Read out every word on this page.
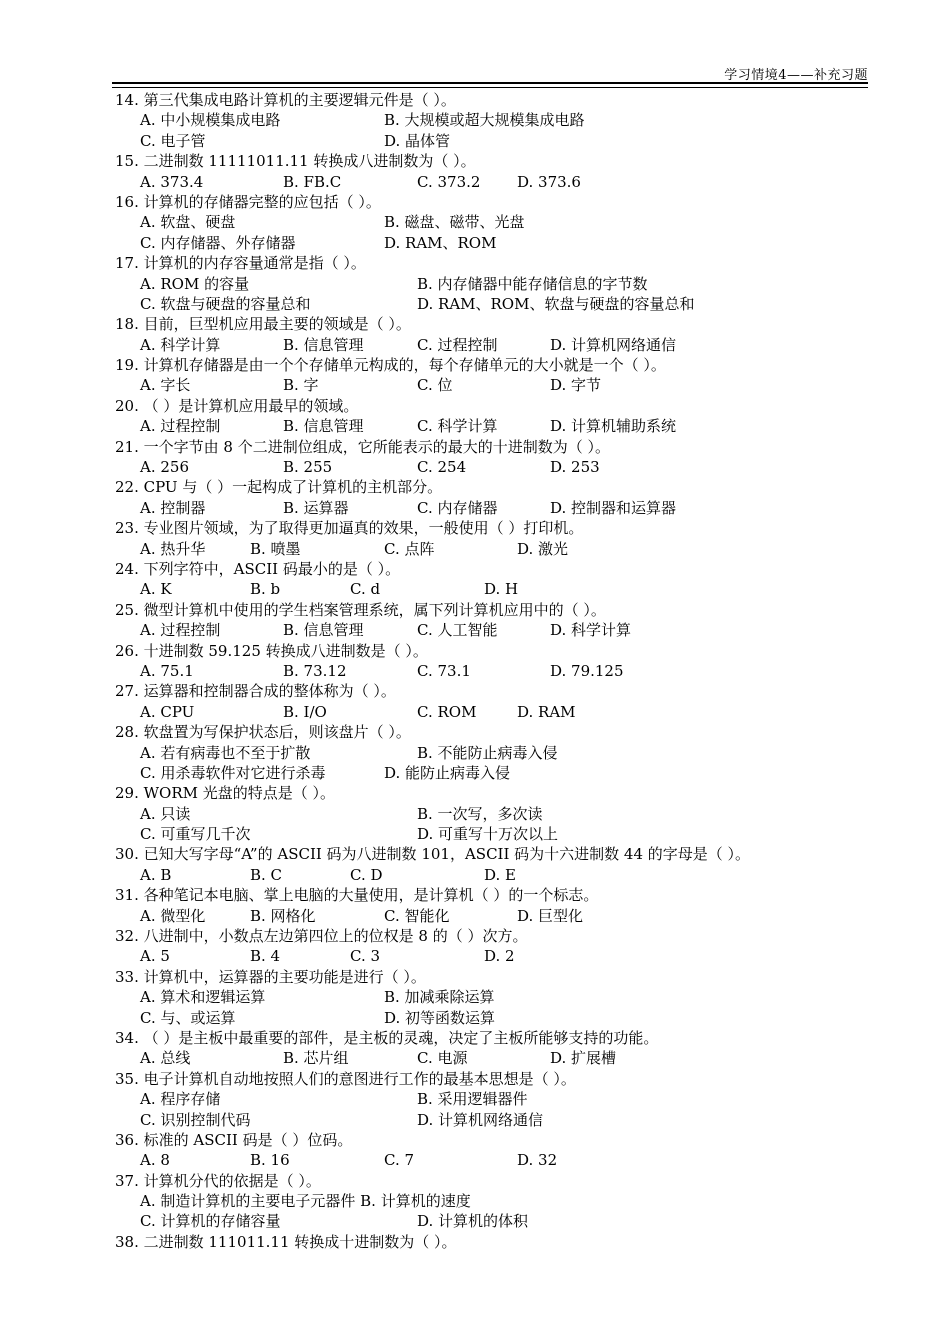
学习情境4——补充习题
14. 第三代集成电路计算机的主要逻辑元件是（ ）。
A. 中小规模集成电路	B. 大规模或超大规模集成电路
C. 电子管	D. 晶体管
15. 二进制数 11111011.11 转换成八进制数为（ ）。
A. 373.4	B. FB.C	C. 373.2 D. 373.6
16. 计算机的存储器完整的应包括（ ）。
A. 软盘、硬盘	B. 磁盘、磁带、光盘
C. 内存储器、外存储器	D. RAM、ROM
17. 计算机的内存容量通常是指（ ）。
A. ROM 的容量	B. 内存储器中能存储信息的字节数
C. 软盘与硬盘的容量总和	D. RAM、ROM、软盘与硬盘的容量总和
18. 目前，巨型机应用最主要的领域是（ ）。
A. 科学计算	B. 信息管理	C. 过程控制	D. 计算机网络通信
19. 计算机存储器是由一个个存储单元构成的，每个存储单元的大小就是一个（ ）。
A. 字长	B. 字	C. 位	D. 字节
20. （ ）是计算机应用最早的领域。
A. 过程控制	B. 信息管理	C. 科学计算	D. 计算机辅助系统
21. 一个字节由 8 个二进制位组成，它所能表示的最大的十进制数为（ ）。
A. 256	B. 255	C. 254	D. 253
22. CPU 与（ ）一起构成了计算机的主机部分。
A. 控制器	B. 运算器	C. 内存储器	D. 控制器和运算器
23. 专业图片领域，为了取得更加逼真的效果，一般使用（ ）打印机。
A. 热升华	B. 喷墨	C. 点阵	D. 激光
24. 下列字符中，ASCII 码最小的是（ ）。
A. K	B. b	C. d	D. H
25. 微型计算机中使用的学生档案管理系统，属下列计算机应用中的（ ）。
A. 过程控制	B. 信息管理	C. 人工智能	D. 科学计算
26. 十进制数 59.125 转换成八进制数是（ ）。
A. 75.1	B. 73.12	C. 73.1	D. 79.125
27. 运算器和控制器合成的整体称为（ ）。
A. CPU	B. I/O	C. ROM	D. RAM
28. 软盘置为写保护状态后，则该盘片（ ）。
A. 若有病毒也不至于扩散	B. 不能防止病毒入侵
C. 用杀毒软件对它进行杀毒	D. 能防止病毒入侵
29. WORM 光盘的特点是（ ）。
A. 只读	B. 一次写，多次读
C. 可重写几千次	D. 可重写十万次以上
30. 已知大写字母“A”的 ASCII 码为八进制数 101，ASCII 码为十六进制数 44 的字母是（ ）。
A. B	B. C	C. D	D. E
31. 各种笔记本电脑、掌上电脑的大量使用，是计算机（ ）的一个标志。
A. 微型化	B. 网格化	C. 智能化	D. 巨型化
32. 八进制中，小数点左边第四位上的位权是 8 的（ ）次方。
A. 5	B. 4	C. 3	D. 2
33. 计算机中，运算器的主要功能是进行（ ）。
A. 算术和逻辑运算	B. 加减乘除运算
C. 与、或运算	D. 初等函数运算
34. （ ）是主板中最重要的部件，是主板的灵魂，决定了主板所能够支持的功能。
A. 总线	B. 芯片组	C. 电源	D. 扩展槽
35. 电子计算机自动地按照人们的意图进行工作的最基本思想是（ ）。
A. 程序存储	B. 采用逻辑器件
C. 识别控制代码	D. 计算机网络通信
36. 标准的 ASCII 码是（ ）位码。
A. 8	B. 16	C. 7	D. 32
37. 计算机分代的依据是（ ）。
A. 制造计算机的主要电子元器件 B. 计算机的速度
C. 计算机的存储容量	D. 计算机的体积
38. 二进制数 111011.11 转换成十进制数为（ ）。
